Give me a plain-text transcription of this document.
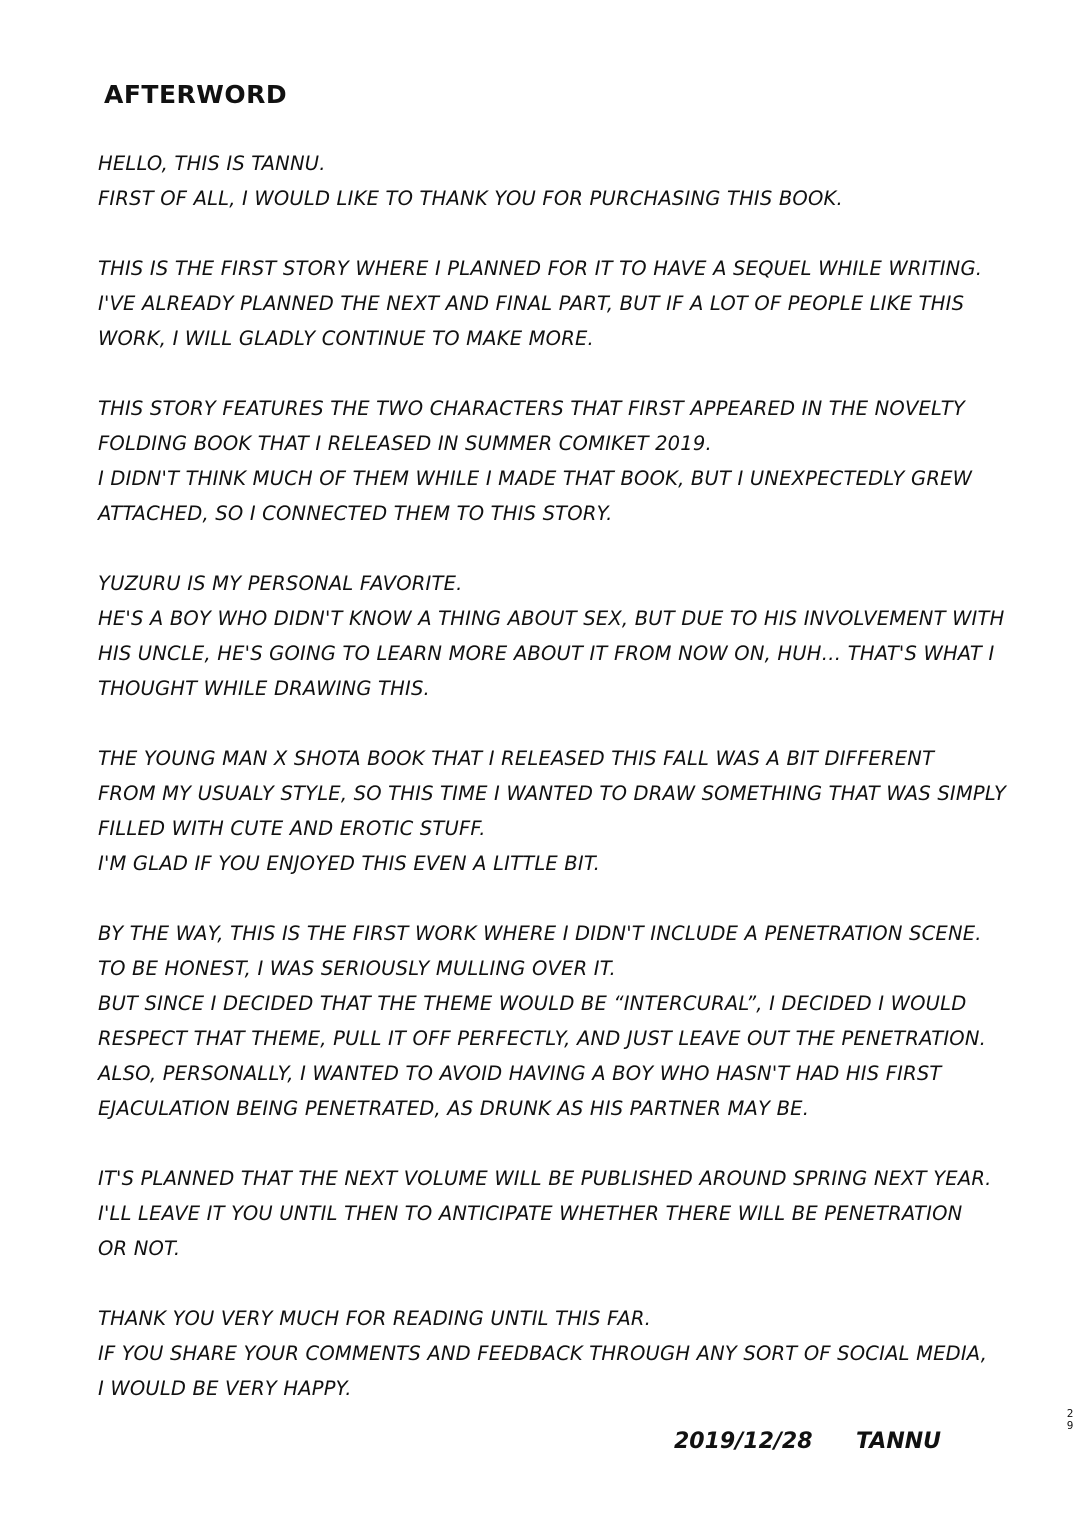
AFTERWORD

HELLO, THIS IS TANNU.
FIRST OF ALL, I WOULD LIKE TO THANK YOU FOR PURCHASING THIS BOOK.

THIS IS THE FIRST STORY WHERE I PLANNED FOR IT TO HAVE A SEQUEL WHILE WRITING.
I'VE ALREADY PLANNED THE NEXT AND FINAL PART, BUT IF A LOT OF PEOPLE LIKE THIS
WORK, I WILL GLADLY CONTINUE TO MAKE MORE.

THIS STORY FEATURES THE TWO CHARACTERS THAT FIRST APPEARED IN THE NOVELTY
FOLDING BOOK THAT I RELEASED IN SUMMER COMIKET 2019.
I DIDN'T THINK MUCH OF THEM WHILE I MADE THAT BOOK, BUT I UNEXPECTEDLY GREW
ATTACHED, SO I CONNECTED THEM TO THIS STORY.

YUZURU IS MY PERSONAL FAVORITE.
HE'S A BOY WHO DIDN'T KNOW A THING ABOUT SEX, BUT DUE TO HIS INVOLVEMENT WITH
HIS UNCLE, HE'S GOING TO LEARN MORE ABOUT IT FROM NOW ON, HUH… THAT'S WHAT I
THOUGHT WHILE DRAWING THIS.

THE YOUNG MAN X SHOTA BOOK THAT I RELEASED THIS FALL WAS A BIT DIFFERENT
FROM MY USUALY STYLE, SO THIS TIME I WANTED TO DRAW SOMETHING THAT WAS SIMPLY
FILLED WITH CUTE AND EROTIC STUFF.
I'M GLAD IF YOU ENJOYED THIS EVEN A LITTLE BIT.

BY THE WAY, THIS IS THE FIRST WORK WHERE I DIDN'T INCLUDE A PENETRATION SCENE.
TO BE HONEST, I WAS SERIOUSLY MULLING OVER IT.
BUT SINCE I DECIDED THAT THE THEME WOULD BE “INTERCURAL”, I DECIDED I WOULD
RESPECT THAT THEME, PULL IT OFF PERFECTLY, AND JUST LEAVE OUT THE PENETRATION.
ALSO, PERSONALLY, I WANTED TO AVOID HAVING A BOY WHO HASN'T HAD HIS FIRST
EJACULATION BEING PENETRATED, AS DRUNK AS HIS PARTNER MAY BE.

IT'S PLANNED THAT THE NEXT VOLUME WILL BE PUBLISHED AROUND SPRING NEXT YEAR.
I'LL LEAVE IT YOU UNTIL THEN TO ANTICIPATE WHETHER THERE WILL BE PENETRATION
OR NOT.

THANK YOU VERY MUCH FOR READING UNTIL THIS FAR.
IF YOU SHARE YOUR COMMENTS AND FEEDBACK THROUGH ANY SORT OF SOCIAL MEDIA,
I WOULD BE VERY HAPPY.

2
9
2019/12/28 TANNU
